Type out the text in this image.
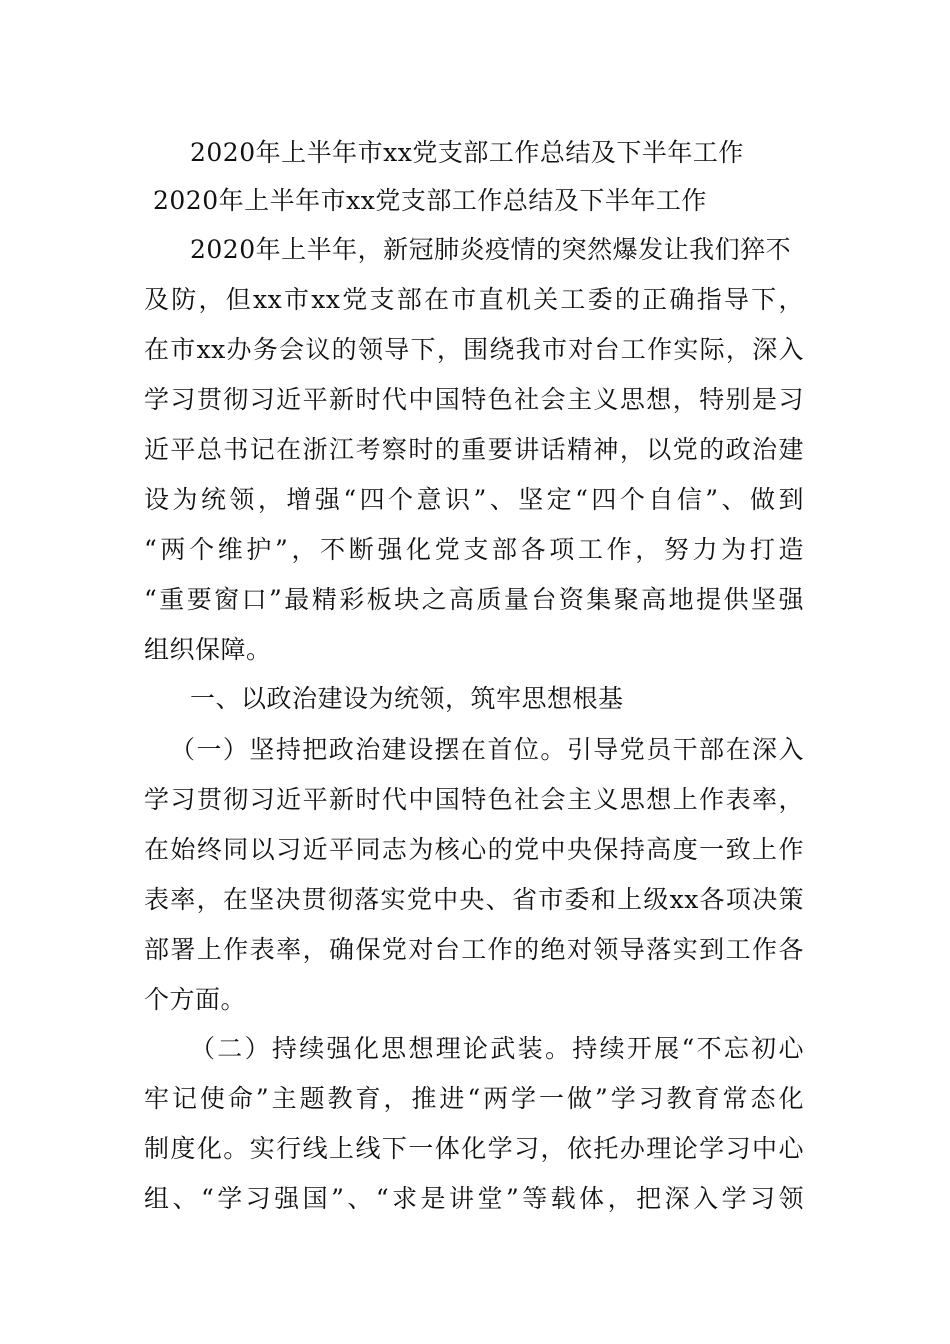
2020年上半年市xx党支部工作总结及下半年工作
2020年上半年市xx党支部工作总结及下半年工作
2020年上半年，新冠肺炎疫情的突然爆发让我们猝不
及防，但xx市xx党支部在市直机关工委的正确指导下，
在市xx办务会议的领导下，围绕我市对台工作实际，深入
学习贯彻习近平新时代中国特色社会主义思想，特别是习
近平总书记在浙江考察时的重要讲话精神，以党的政治建
设为统领，增强“四个意识”、坚定“四个自信”、做到
“两个维护”，不断强化党支部各项工作，努力为打造
“重要窗口”最精彩板块之高质量台资集聚高地提供坚强
组织保障。
一、以政治建设为统领，筑牢思想根基
（一）坚持把政治建设摆在首位。引导党员干部在深入
学习贯彻习近平新时代中国特色社会主义思想上作表率，
在始终同以习近平同志为核心的党中央保持高度一致上作
表率，在坚决贯彻落实党中央、省市委和上级xx各项决策
部署上作表率，确保党对台工作的绝对领导落实到工作各
个方面。
（二）持续强化思想理论武装。持续开展“不忘初心
牢记使命”主题教育，推进“两学一做”学习教育常态化
制度化。实行线上线下一体化学习，依托办理论学习中心
组、“学习强国”、“求是讲堂”等载体，把深入学习领
